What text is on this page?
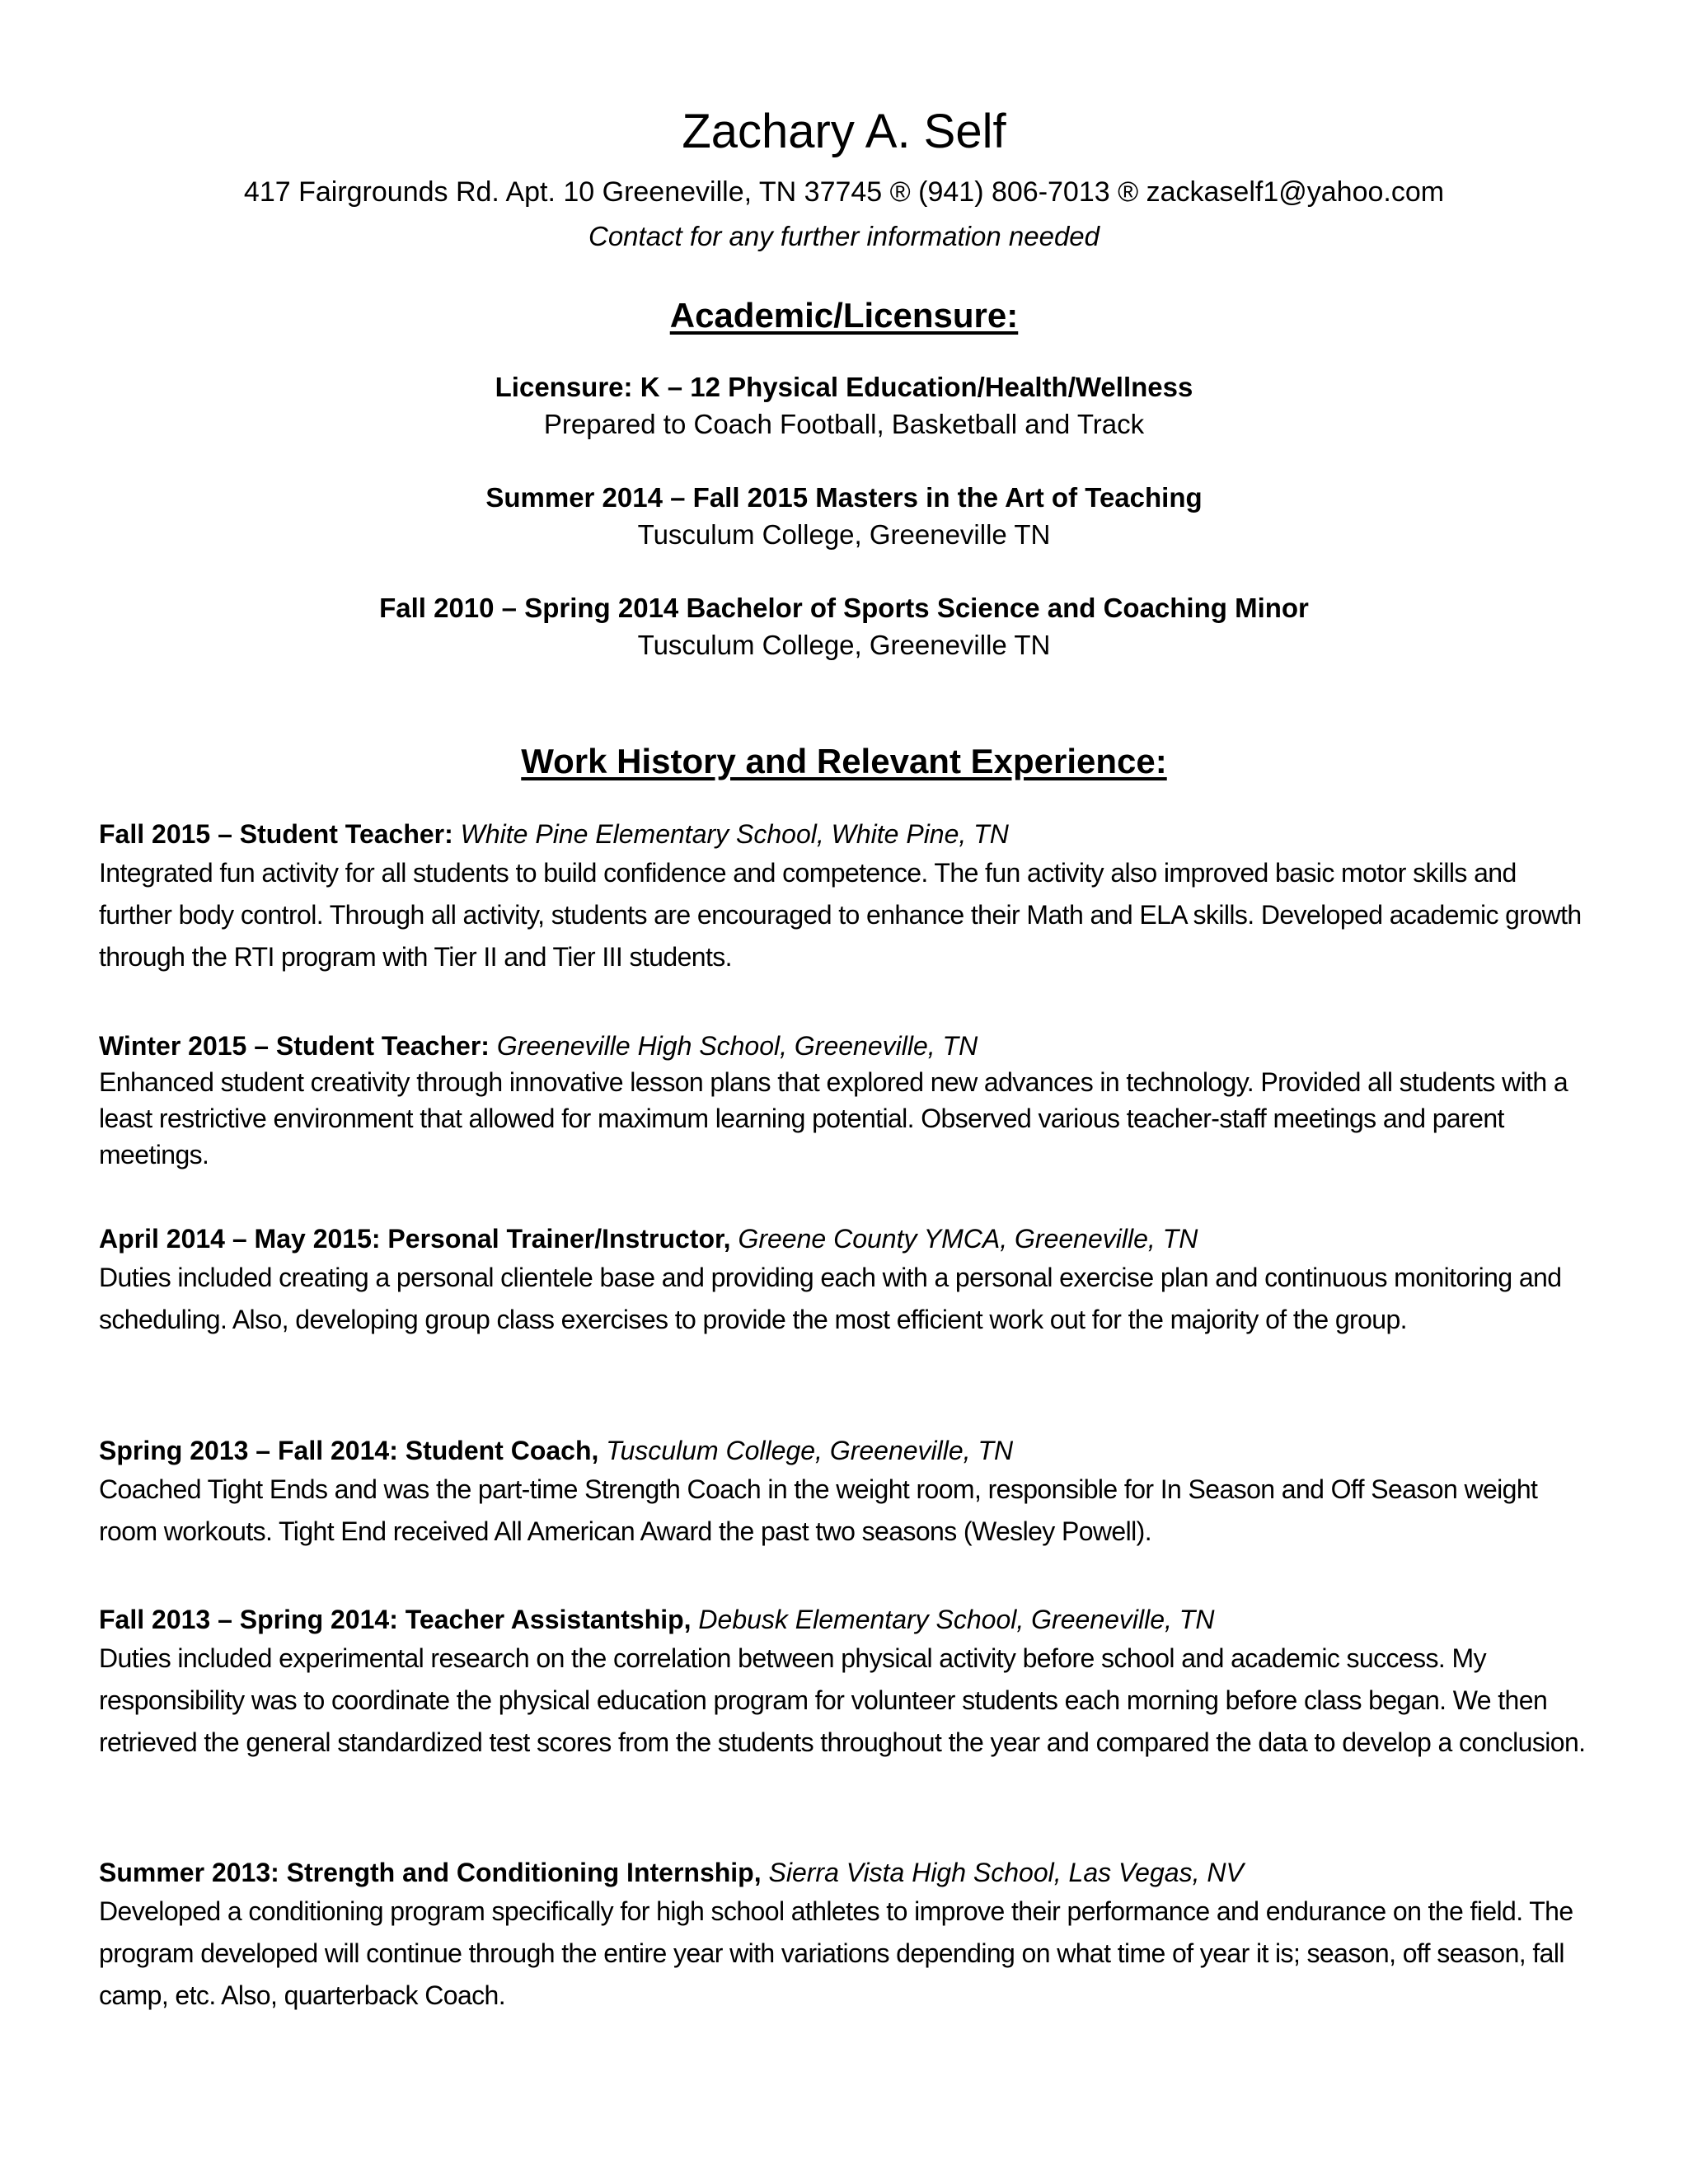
Zachary A. Self
417 Fairgrounds Rd. Apt. 10 Greeneville, TN 37745 ® (941) 806-7013 ® zackaself1@yahoo.com
Contact for any further information needed
Academic/Licensure:
Licensure: K – 12 Physical Education/Health/Wellness
Prepared to Coach Football, Basketball and Track
Summer 2014 – Fall 2015 Masters in the Art of Teaching
Tusculum College, Greeneville TN
Fall 2010 – Spring 2014 Bachelor of Sports Science and Coaching Minor
Tusculum College, Greeneville TN
Work History and Relevant Experience:
Fall 2015 – Student Teacher: White Pine Elementary School, White Pine, TN
Integrated fun activity for all students to build confidence and competence. The fun activity also improved basic motor skills and further body control. Through all activity, students are encouraged to enhance their Math and ELA skills. Developed academic growth through the RTI program with Tier II and Tier III students.
Winter 2015 – Student Teacher: Greeneville High School, Greeneville, TN
Enhanced student creativity through innovative lesson plans that explored new advances in technology. Provided all students with a least restrictive environment that allowed for maximum learning potential. Observed various teacher-staff meetings and parent meetings.
April 2014 – May 2015: Personal Trainer/Instructor, Greene County YMCA, Greeneville, TN
Duties included creating a personal clientele base and providing each with a personal exercise plan and continuous monitoring and scheduling. Also, developing group class exercises to provide the most efficient work out for the majority of the group.
Spring 2013 – Fall 2014: Student Coach, Tusculum College, Greeneville, TN
Coached Tight Ends and was the part-time Strength Coach in the weight room, responsible for In Season and Off Season weight room workouts. Tight End received All American Award the past two seasons (Wesley Powell).
Fall 2013 – Spring 2014: Teacher Assistantship, Debusk Elementary School, Greeneville, TN
Duties included experimental research on the correlation between physical activity before school and academic success. My responsibility was to coordinate the physical education program for volunteer students each morning before class began. We then retrieved the general standardized test scores from the students throughout the year and compared the data to develop a conclusion.
Summer 2013: Strength and Conditioning Internship, Sierra Vista High School, Las Vegas, NV
Developed a conditioning program specifically for high school athletes to improve their performance and endurance on the field. The program developed will continue through the entire year with variations depending on what time of year it is; season, off season, fall camp, etc. Also, quarterback Coach.
